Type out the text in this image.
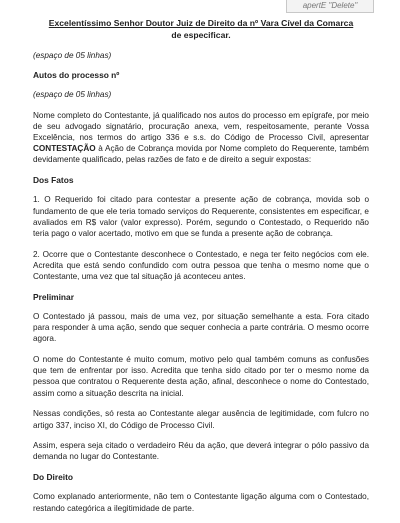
apertE "Delete"
Excelentíssimo Senhor Doutor Juiz de Direito da nº Vara Cível da Comarca
de especificar.

(espaço de 05 linhas)

Autos do processo nº

(espaço de 05 linhas)

Nome completo do Contestante, já qualificado nos autos do processo em epígrafe, por meio de seu advogado signatário, procuração anexa, vem, respeitosamente, perante Vossa Excelência, nos termos do artigo 336 e s.s. do Código de Processo Civil, apresentar CONTESTAÇÃO à Ação de Cobrança movida por Nome completo do Requerente, também devidamente qualificado, pelas razões de fato e de direito a seguir expostas:

Dos Fatos

1. O Requerido foi citado para contestar a presente ação de cobrança, movida sob o fundamento de que ele teria tomado serviços do Requerente, consistentes em especificar, e avaliados em R$ valor (valor expresso). Porém, segundo o Contestado, o Requerido não teria pago o valor acertado, motivo em que se funda a presente ação de cobrança.

2. Ocorre que o Contestante desconhece o Contestado, e nega ter feito negócios com ele. Acredita que está sendo confundido com outra pessoa que tenha o mesmo nome que o Contestante, uma vez que tal situação já aconteceu antes.

Preliminar

O Contestado já passou, mais de uma vez, por situação semelhante a esta. Fora citado para responder à uma ação, sendo que sequer conhecia a parte contrária. O mesmo ocorre agora.

O nome do Contestante é muito comum, motivo pelo qual também comuns as confusões que tem de enfrentar por isso. Acredita que tenha sido citado por ter o mesmo nome da pessoa que contratou o Requerente desta ação, afinal, desconhece o nome do Contestado, assim como a situação descrita na inicial.

Nessas condições, só resta ao Contestante alegar ausência de legitimidade, com fulcro no artigo 337, inciso XI, do Código de Processo Civil.

Assim, espera seja citado o verdadeiro Réu da ação, que deverá integrar o pólo passivo da demanda no lugar do Contestante.

Do Direito

Como explanado anteriormente, não tem o Contestante ligação alguma com o Contestado, restando categórica a ilegitimidade de parte.
